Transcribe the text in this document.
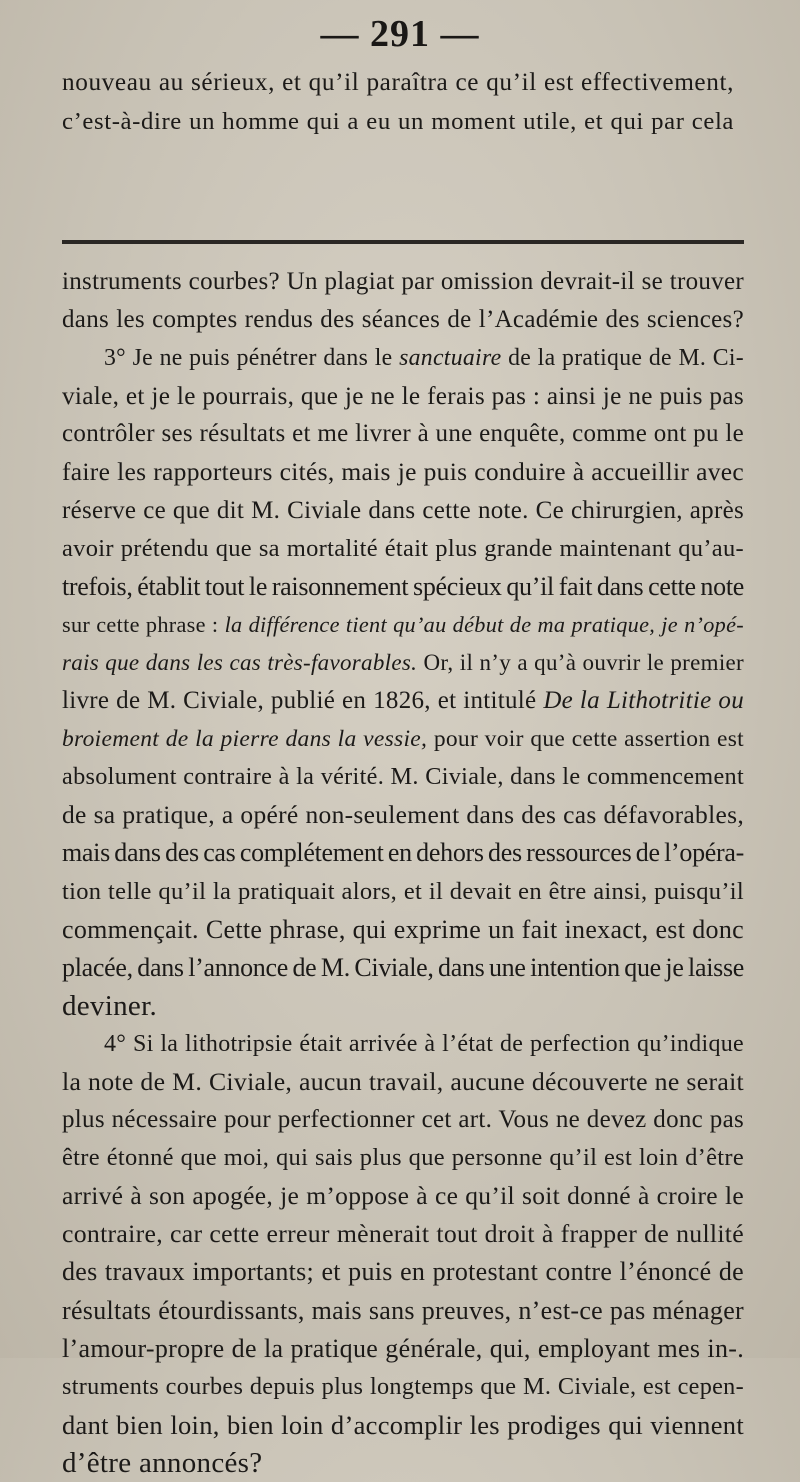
— 291 —
nouveau au sérieux, et qu’il paraîtra ce qu’il est effectivement,
c’est-à-dire un homme qui a eu un moment utile, et qui par cela
instruments courbes? Un plagiat par omission devrait-il se trouver
dans les comptes rendus des séances de l’Académie des sciences?
3° Je ne puis pénétrer dans le sanctuaire de la pratique de M. Ci-
viale, et je le pourrais, que je ne le ferais pas : ainsi je ne puis pas
contrôler ses résultats et me livrer à une enquête, comme ont pu le
faire les rapporteurs cités, mais je puis conduire à accueillir avec
réserve ce que dit M. Civiale dans cette note. Ce chirurgien, après
avoir prétendu que sa mortalité était plus grande maintenant qu’au-
trefois, établit tout le raisonnement spécieux qu’il fait dans cette note
sur cette phrase : la différence tient qu’au début de ma pratique, je n’opé-
rais que dans les cas très-favorables. Or, il n’y a qu’à ouvrir le premier
livre de M. Civiale, publié en 1826, et intitulé De la Lithotritie ou
broiement de la pierre dans la vessie, pour voir que cette assertion est
absolument contraire à la vérité. M. Civiale, dans le commencement
de sa pratique, a opéré non-seulement dans des cas défavorables,
mais dans des cas complétement en dehors des ressources de l’opéra-
tion telle qu’il la pratiquait alors, et il devait en être ainsi, puisqu’il
commençait. Cette phrase, qui exprime un fait inexact, est donc
placée, dans l’annonce de M. Civiale, dans une intention que je laisse
deviner.
4° Si la lithotripsie était arrivée à l’état de perfection qu’indique
la note de M. Civiale, aucun travail, aucune découverte ne serait
plus nécessaire pour perfectionner cet art. Vous ne devez donc pas
être étonné que moi, qui sais plus que personne qu’il est loin d’être
arrivé à son apogée, je m’oppose à ce qu’il soit donné à croire le
contraire, car cette erreur mènerait tout droit à frapper de nullité
des travaux importants; et puis en protestant contre l’énoncé de
résultats étourdissants, mais sans preuves, n’est-ce pas ménager
l’amour-propre de la pratique générale, qui, employant mes in-.
struments courbes depuis plus longtemps que M. Civiale, est cepen-
dant bien loin, bien loin d’accomplir les prodiges qui viennent
d’être annoncés?
